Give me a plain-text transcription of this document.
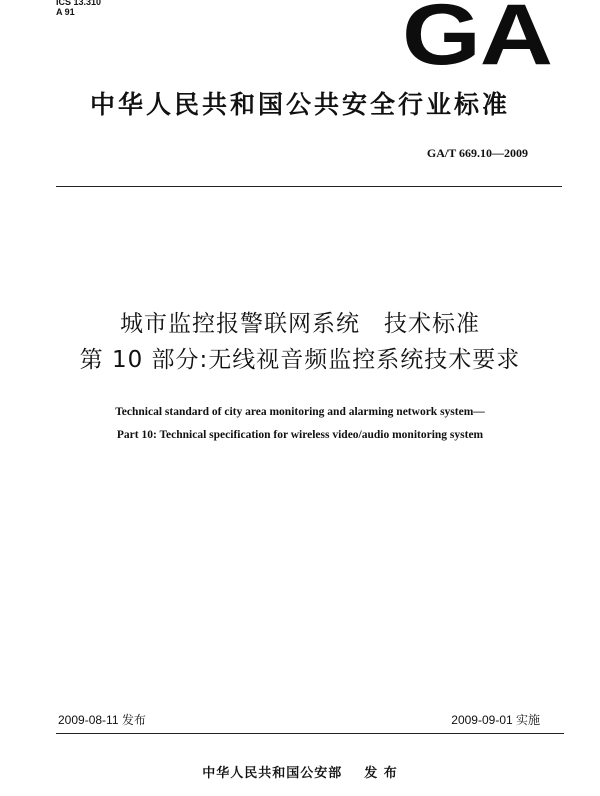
ICS 13.310
A 91	GA
中华人民共和国公共安全行业标准
GA/T 669.10—2009
城市监控报警联网系统　技术标准
第 10 部分:无线视音频监控系统技术要求
Technical standard of city area monitoring and alarming network system—
Part 10: Technical specification for wireless video/audio monitoring system
2009-08-11 发布	2009-09-01 实施
中华人民共和国公安部 发 布
